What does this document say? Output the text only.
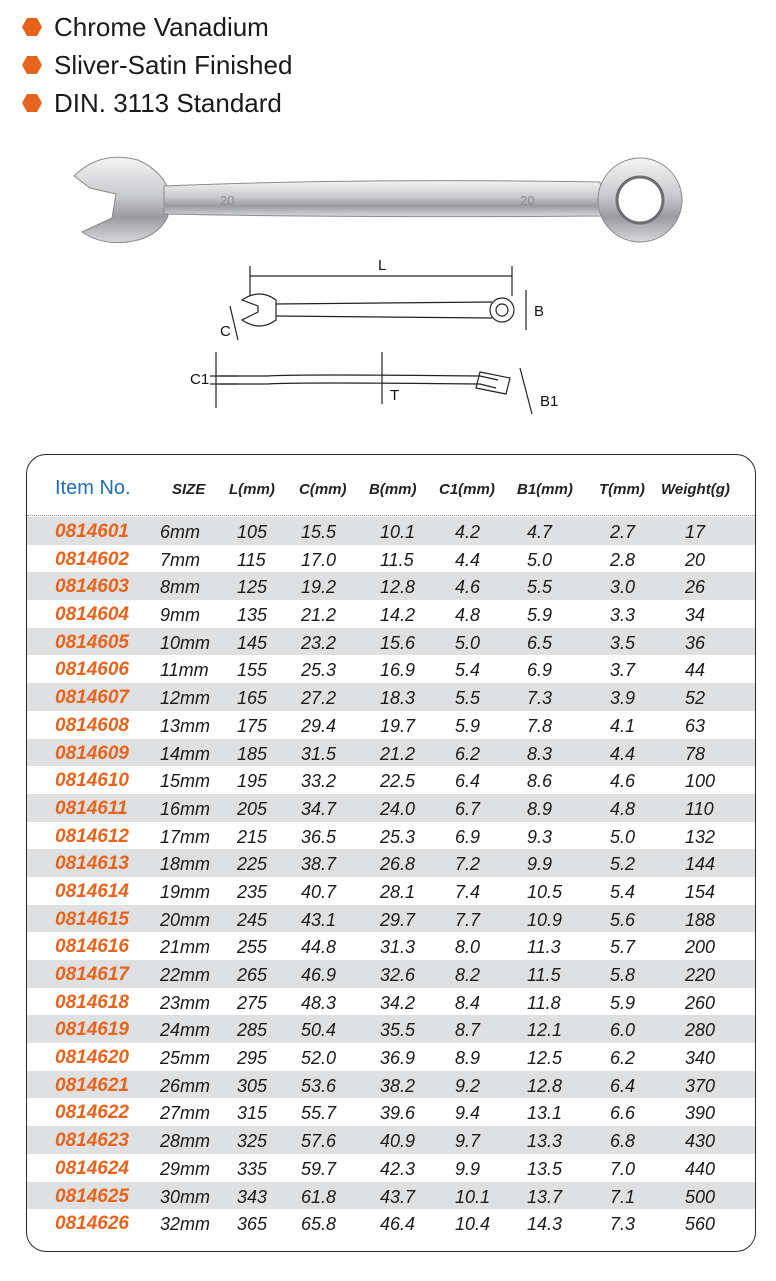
Chrome Vanadium
Sliver-Satin Finished
DIN. 3113 Standard
20	20
L
B
C
C1
T	B1
Item No.	SIZE L(mm) C(mm) B(mm) C1(mm) B1(mm) T(mm) Weight(g)
0814601 6mm 105 15.5 10.1 4.2	4.7	2.7	17
0814602 7mm 115 17.0 11.5 4.4	5.0	2.8	20
0814603 8mm 125 19.2 12.8 4.6	5.5	3.0	26
0814604 9mm 135 21.2 14.2 4.8	5.9	3.3	34
0814605 10mm 145 23.2 15.6 5.0	6.5	3.5	36
0814606 11mm 155 25.3 16.9 5.4	6.9	3.7	44
0814607 12mm 165 27.2 18.3 5.5	7.3	3.9	52
0814608 13mm 175 29.4 19.7 5.9	7.8	4.1	63
0814609 14mm 185 31.5 21.2 6.2	8.3	4.4	78
0814610 15mm 195 33.2 22.5 6.4	8.6	4.6	100
0814611 16mm 205 34.7 24.0 6.7	8.9	4.8	110
0814612 17mm 215 36.5 25.3 6.9	9.3	5.0	132
0814613 18mm 225 38.7 26.8 7.2	9.9	5.2	144
0814614 19mm 235 40.7 28.1 7.4	10.5	5.4	154
0814615 20mm 245 43.1 29.7 7.7	10.9	5.6	188
0814616 21mm 255 44.8 31.3 8.0	11.3	5.7	200
0814617 22mm 265 46.9 32.6 8.2	11.5	5.8	220
0814618 23mm 275 48.3 34.2 8.4	11.8	5.9	260
0814619 24mm 285 50.4 35.5 8.7	12.1	6.0	280
0814620 25mm 295 52.0 36.9 8.9	12.5	6.2	340
0814621 26mm 305 53.6 38.2 9.2	12.8	6.4	370
0814622 27mm 315 55.7 39.6 9.4	13.1	6.6	390
0814623 28mm 325 57.6 40.9 9.7	13.3	6.8	430
0814624 29mm 335 59.7 42.3 9.9	13.5	7.0	440
0814625 30mm 343 61.8 43.7 10.1 13.7	7.1	500
0814626 32mm 365 65.8 46.4 10.4 14.3	7.3	560
